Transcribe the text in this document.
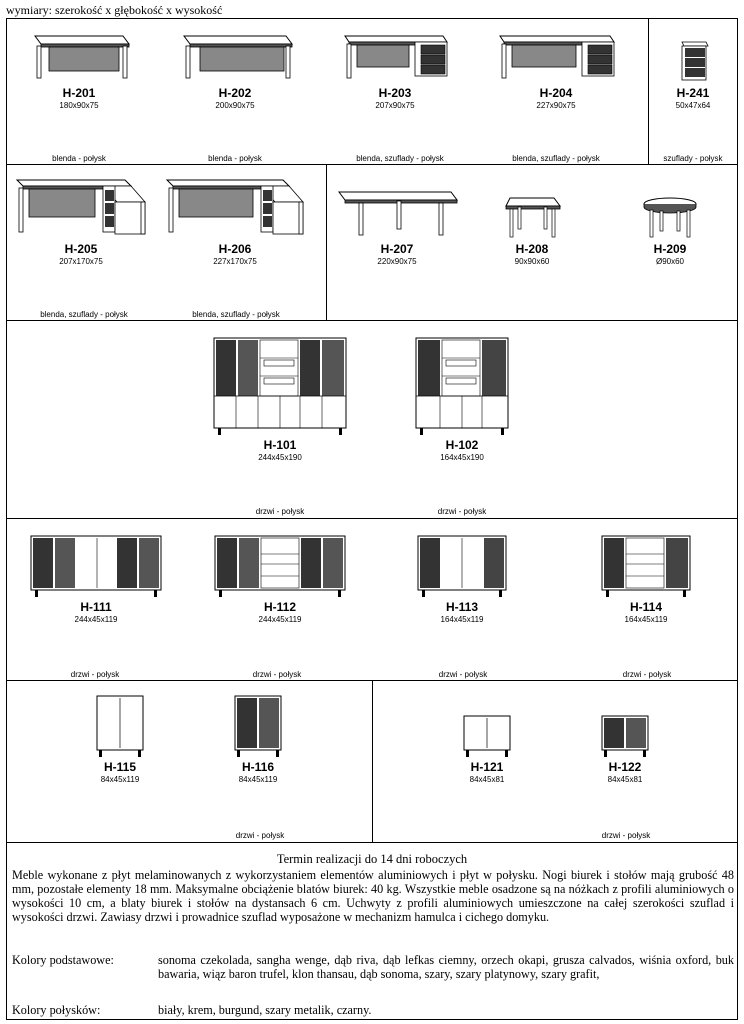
wymiary: szerokość x głębokość x wysokość
H-201
180x90x75
H-202
200x90x75
H-203
207x90x75
H-204
227x90x75
H-241
50x47x64
blenda - połysk	blenda - połysk	blenda, szuflady - połysk	blenda, szuflady - połysk	szuflady - połysk
H-205
207x170x75
H-206
227x170x75
H-207
220x90x75
H-208
90x90x60
H-209
Ø90x60
blenda, szuflady - połysk	blenda, szuflady - połysk
H-101
244x45x190
H-102
164x45x190
drzwi - połysk	drzwi - połysk
H-111
244x45x119
H-112
244x45x119
H-113
164x45x119
H-114
164x45x119
drzwi - połysk	drzwi - połysk	drzwi - połysk	drzwi - połysk
H-115
84x45x119
H-116
84x45x119
H-121
84x45x81
H-122
84x45x81
drzwi - połysk	drzwi - połysk
Termin realizacji do 14 dni roboczych
Meble wykonane z płyt melaminowanych z wykorzystaniem elementów aluminiowych i płyt w połysku. Nogi biurek i stołów mają grubość 48 mm, pozostałe elementy 18 mm. Maksymalne obciążenie blatów biurek: 40 kg. Wszystkie meble osadzone są na nóżkach z profili aluminiowych o wysokości 10 cm, a blaty biurek i stołów na dystansach 6 cm. Uchwyty z profili aluminiowych umieszczone na całej szerokości szuflad i wysokości drzwi. Zawiasy drzwi i prowadnice szuflad wyposażone w mechanizm hamulca i cichego domyku.
Kolory podstawowe:	sonoma czekolada, sangha wenge, dąb riva, dąb lefkas ciemny, orzech okapi, grusza calvados, wiśnia oxford, buk bawaria, wiąz baron trufel, klon thansau, dąb sonoma, szary, szary platynowy, szary grafit,
Kolory połysków:	biały, krem, burgund, szary metalik, czarny.
